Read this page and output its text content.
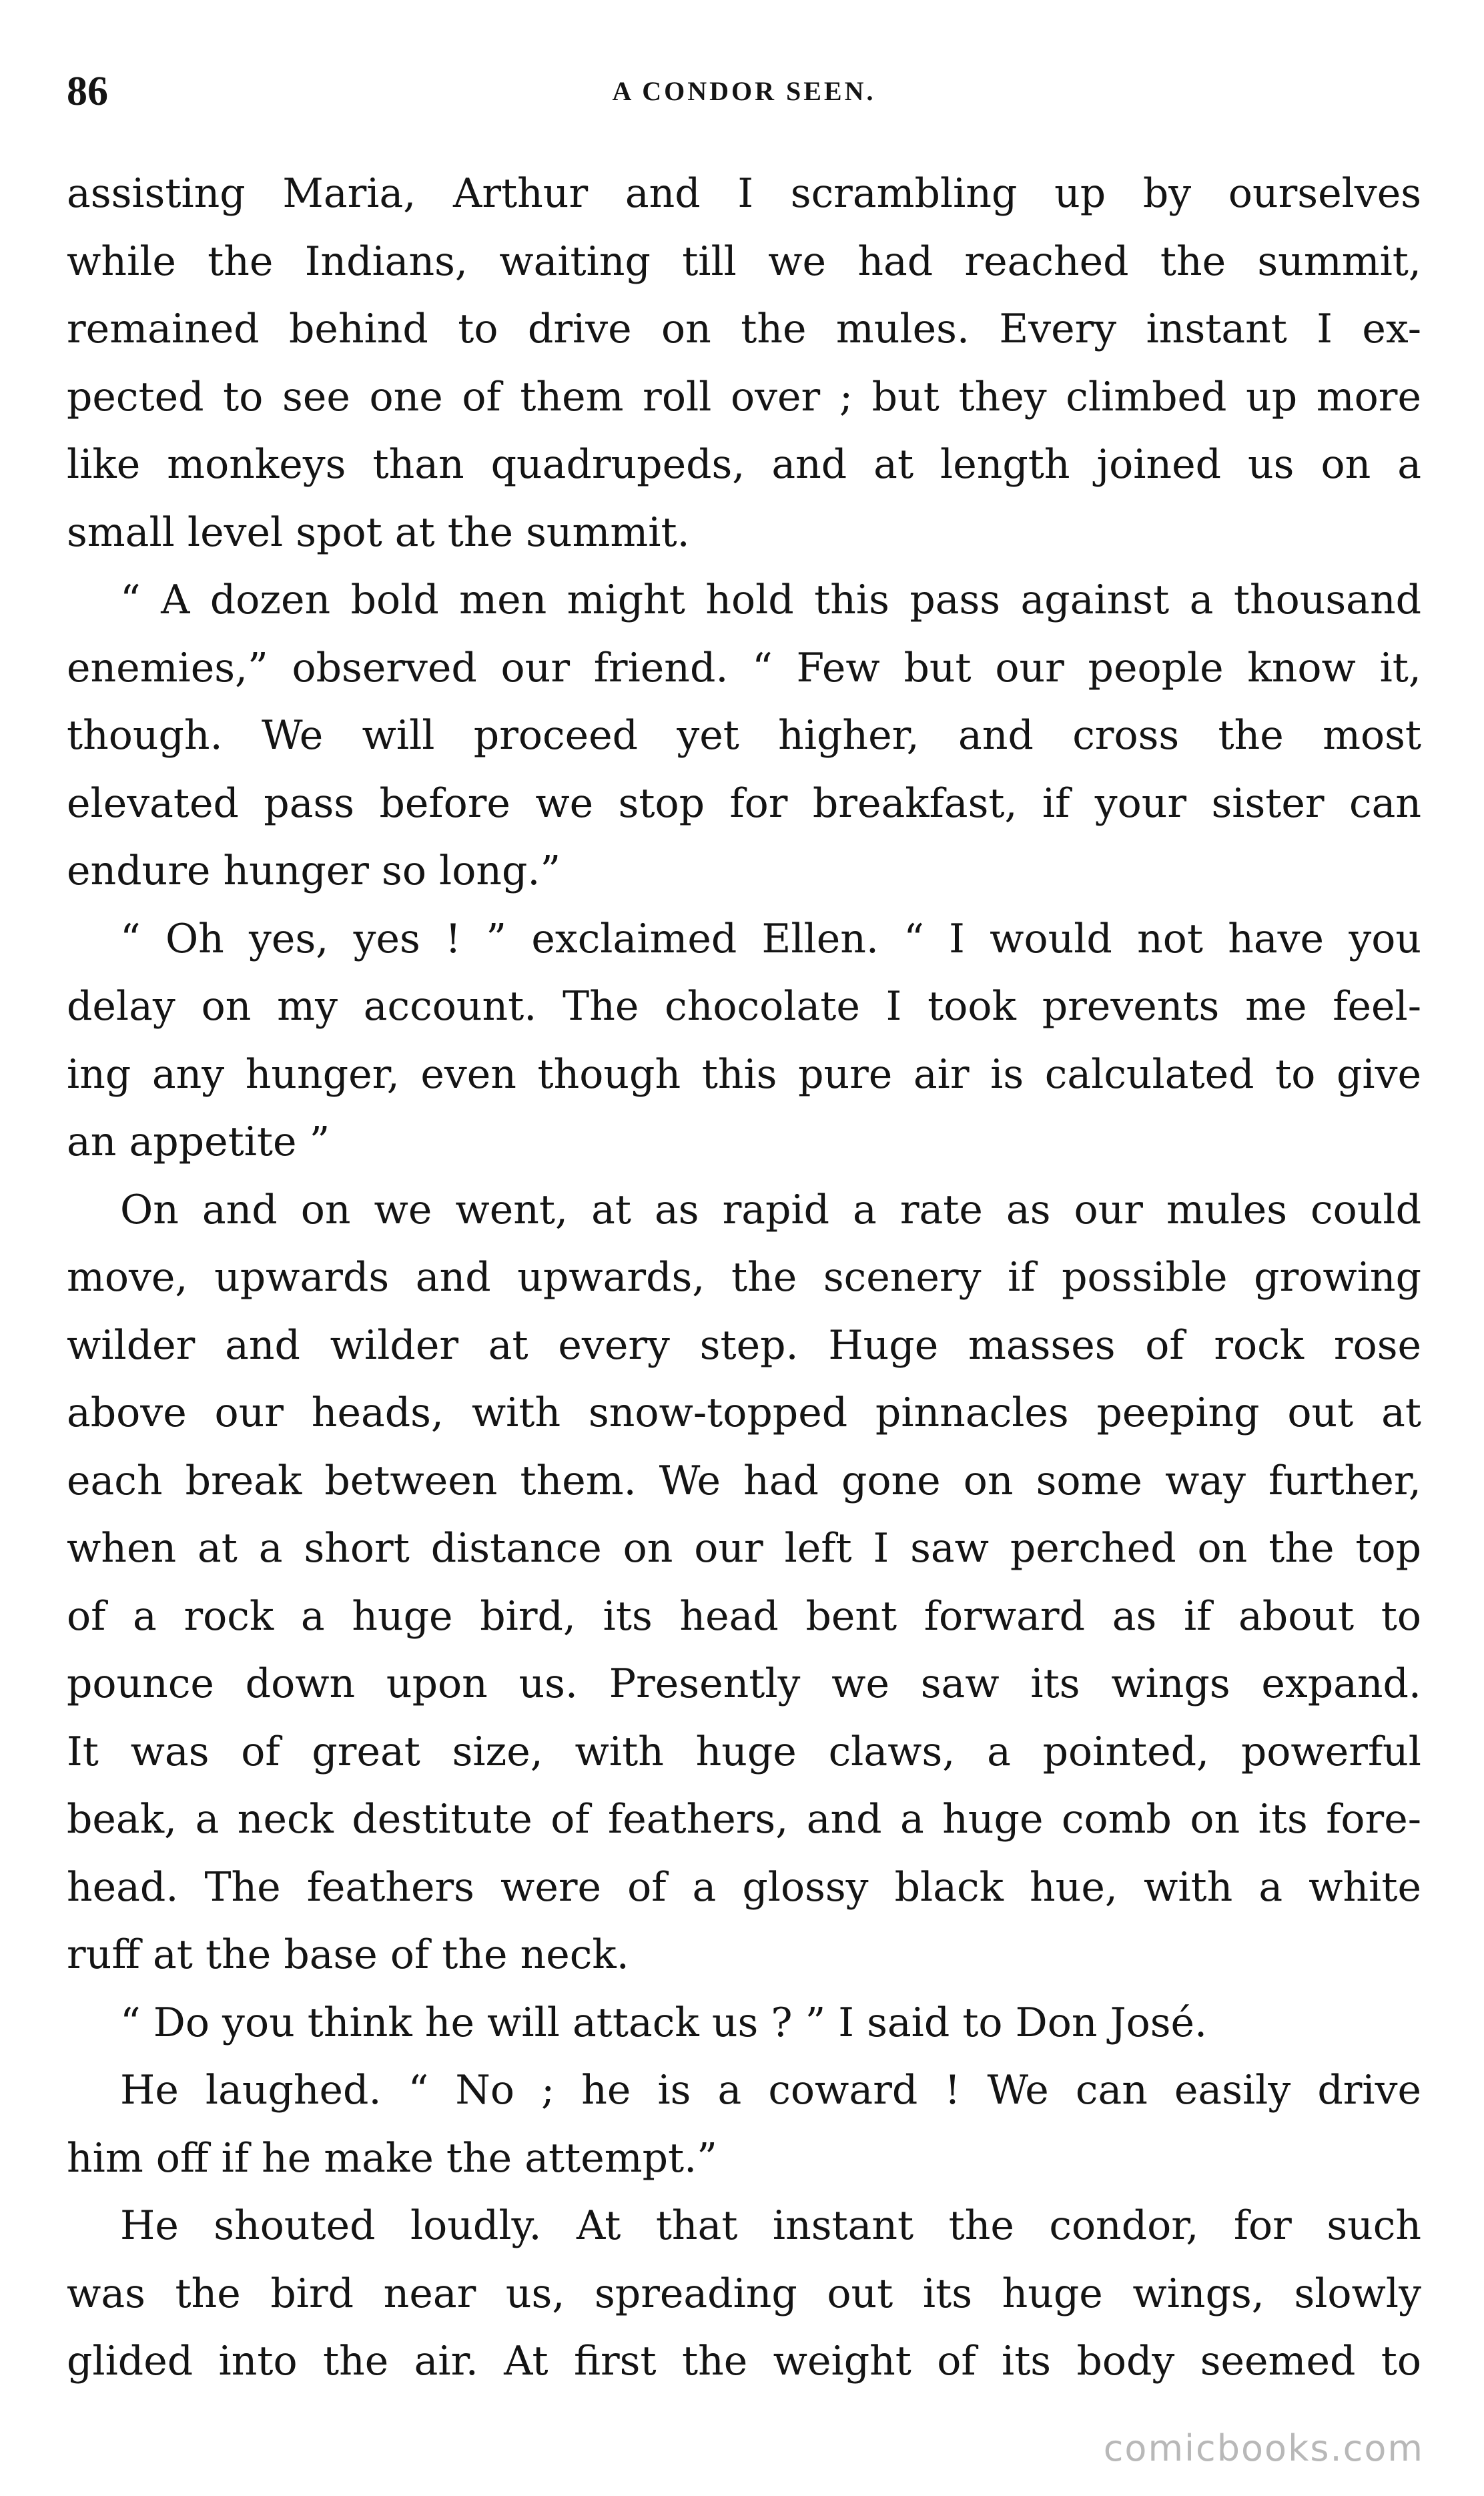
86	A CONDOR SEEN.
assisting Maria, Arthur and I scrambling up by ourselves
while the Indians, waiting till we had reached the summit,
remained behind to drive on the mules. Every instant I ex-
pected to see one of them roll over ; but they climbed up more
like monkeys than quadrupeds, and at length joined us on a
small level spot at the summit.
“ A dozen bold men might hold this pass against a thousand
enemies,” observed our friend. “ Few but our people know it,
though. We will proceed yet higher, and cross the most
elevated pass before we stop for breakfast, if your sister can
endure hunger so long.”
“ Oh yes, yes ! ” exclaimed Ellen. “ I would not have you
delay on my account. The chocolate I took prevents me feel-
ing any hunger, even though this pure air is calculated to give
an appetite ”
On and on we went, at as rapid a rate as our mules could
move, upwards and upwards, the scenery if possible growing
wilder and wilder at every step. Huge masses of rock rose
above our heads, with snow-topped pinnacles peeping out at
each break between them. We had gone on some way further,
when at a short distance on our left I saw perched on the top
of a rock a huge bird, its head bent forward as if about to
pounce down upon us. Presently we saw its wings expand.
It was of great size, with huge claws, a pointed, powerful
beak, a neck destitute of feathers, and a huge comb on its fore-
head. The feathers were of a glossy black hue, with a white
ruff at the base of the neck.
“ Do you think he will attack us ? ” I said to Don José.
He laughed. “ No ; he is a coward ! We can easily drive
him off if he make the attempt.”
He shouted loudly. At that instant the condor, for such
was the bird near us, spreading out its huge wings, slowly
glided into the air. At first the weight of its body seemed to
comicbooks.com
